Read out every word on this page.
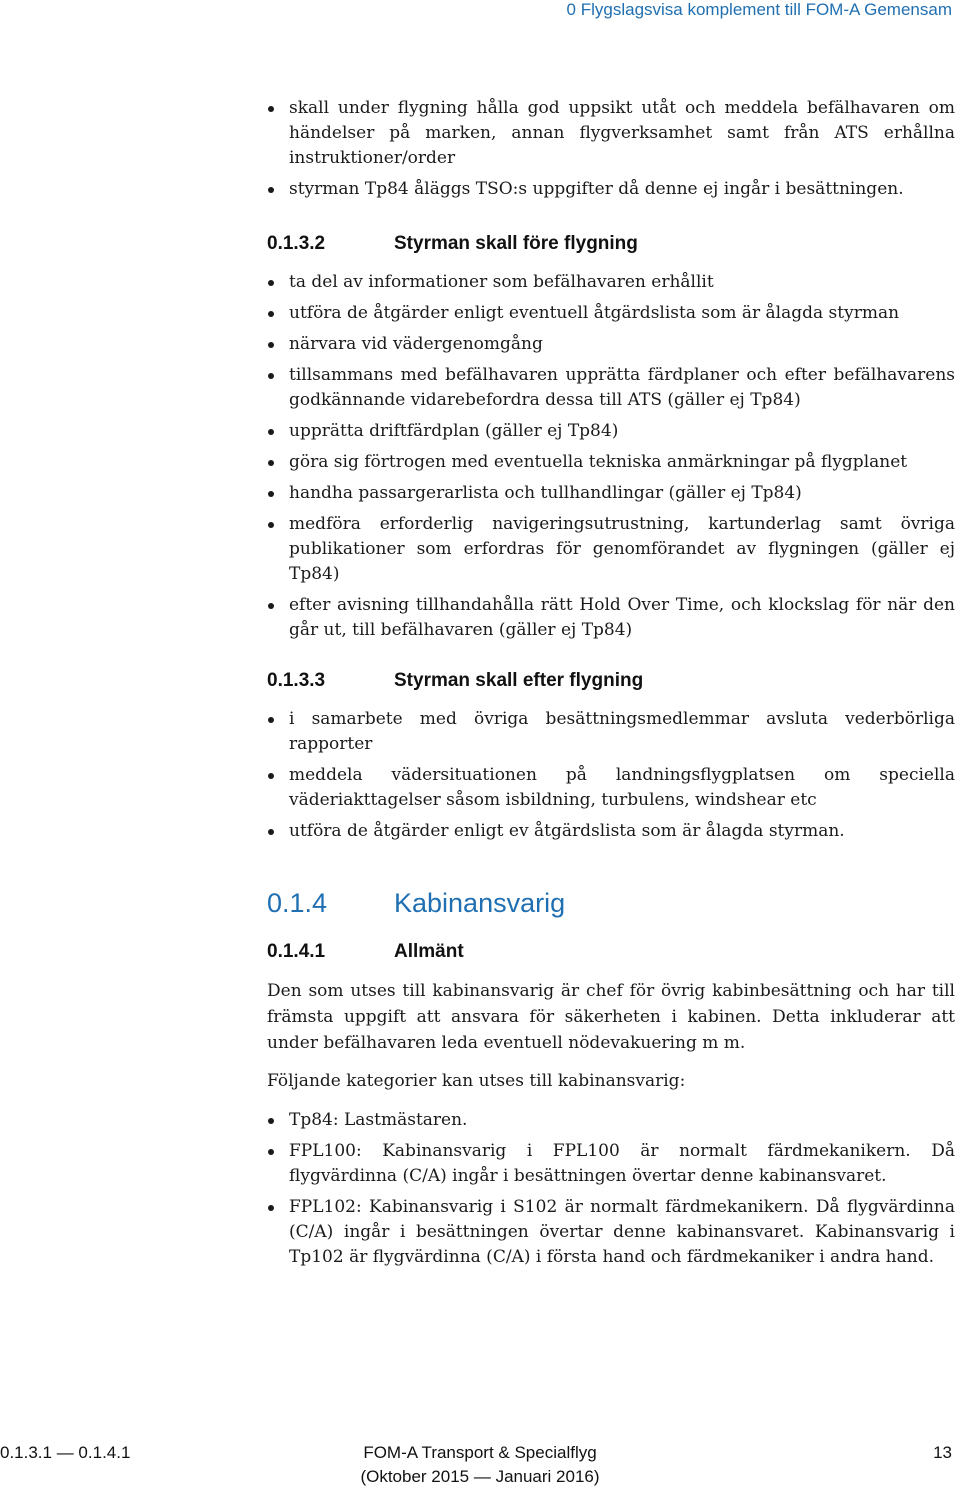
0 Flygslagsvisa komplement till FOM-A Gemensam
skall under flygning hålla god uppsikt utåt och meddela befälhavaren om händelser på marken, annan flygverksamhet samt från ATS erhållna instruktioner/order
styrman Tp84 åläggs TSO:s uppgifter då denne ej ingår i besättningen.
0.1.3.2	Styrman skall före flygning
ta del av informationer som befälhavaren erhållit
utföra de åtgärder enligt eventuell åtgärdslista som är ålagda styrman
närvara vid vädergenomgång
tillsammans med befälhavaren upprätta färdplaner och efter befälhavarens godkännande vidarebefordra dessa till ATS (gäller ej Tp84)
upprätta driftfärdplan (gäller ej Tp84)
göra sig förtrogen med eventuella tekniska anmärkningar på flygplanet
handha passargerarlista och tullhandlingar (gäller ej Tp84)
medföra erforderlig navigeringsutrustning, kartunderlag samt övriga publikationer som erfordras för genomförandet av flygningen (gäller ej Tp84)
efter avisning tillhandahålla rätt Hold Over Time, och klockslag för när den går ut, till befälhavaren (gäller ej Tp84)
0.1.3.3	Styrman skall efter flygning
i samarbete med övriga besättningsmedlemmar avsluta vederbörliga rapporter
meddela vädersituationen på landningsflygplatsen om speciella väderiakttagelser såsom isbildning, turbulens, windshear etc
utföra de åtgärder enligt ev åtgärdslista som är ålagda styrman.
0.1.4	Kabinansvarig
0.1.4.1	Allmänt

Den som utses till kabinansvarig är chef för övrig kabinbesättning och har till främsta uppgift att ansvara för säkerheten i kabinen. Detta inkluderar att under befälhavaren leda eventuell nödevakuering m m.

Följande kategorier kan utses till kabinansvarig:

Tp84: Lastmästaren.
FPL100: Kabinansvarig i FPL100 är normalt färdmekanikern. Då flygvärdinna (C/A) ingår i besättningen övertar denne kabinansvaret.
FPL102: Kabinansvarig i S102 är normalt färdmekanikern. Då flygvärdinna (C/A) ingår i besättningen övertar denne kabinansvaret. Kabinansvarig i Tp102 är flygvärdinna (C/A) i första hand och färdmekaniker i andra hand.
0.1.3.1 — 0.1.4.1	FOM-A Transport & Specialflyg
(Oktober 2015 — Januari 2016)
13
